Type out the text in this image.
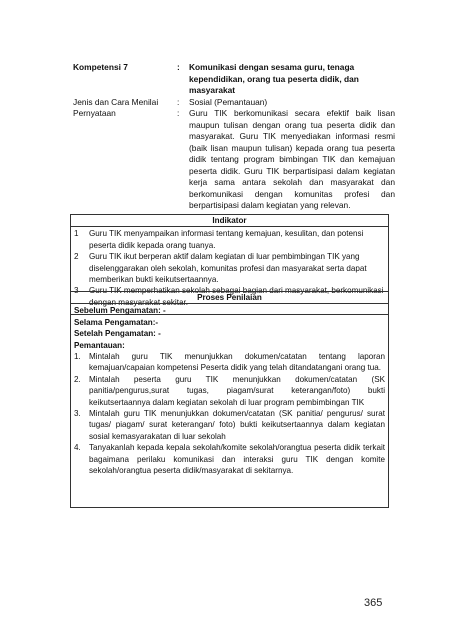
Kompetensi 7	:	Komunikasi dengan sesama guru, tenaga kependidikan, orang tua peserta didik, dan masyarakat
Jenis dan Cara Menilai	:	Sosial (Pemantauan)
Pernyataan	:	Guru TIK berkomunikasi secara efektif baik lisan maupun tulisan dengan orang tua peserta didik dan masyarakat. Guru TIK menyediakan informasi resmi (baik lisan maupun tulisan) kepada orang tua peserta didik tentang program bimbingan TIK dan kemajuan peserta didik. Guru TIK berpartisipasi dalam kegiatan kerja sama antara sekolah dan masyarakat dan berkomunikasi dengan komunitas profesi dan berpartisipasi dalam kegiatan yang relevan.
Indikator

1	Guru TIK menyampaikan informasi tentang kemajuan, kesulitan, dan potensi peserta didik kepada orang tuanya.
2	Guru TIK ikut berperan aktif dalam kegiatan di luar pembimbingan TIK yang diselenggarakan oleh sekolah, komunitas profesi dan masyarakat serta dapat memberikan bukti keikutsertaannya.
3	Guru TIK memperhatikan sekolah sebagai bagian dari masyarakat, berkomunikasi dengan masyarakat sekitar.
Proses Penilaian

Sebelum Pengamatan: -
Selama Pengamatan:-
Setelah Pengamatan: -
Pemantauan:
1.	Mintalah guru TIK menunjukkan dokumen/catatan tentang laporan kemajuan/capaian kompetensi Peserta didik yang telah ditandatangani orang tua.
2.	Mintalah peserta guru TIK menunjukkan dokumen/catatan (SK panitia/pengurus,surat tugas, piagam/surat keterangan/foto) bukti keikutsertaannya dalam kegiatan sekolah di luar program pembimbingan TIK
3.	Mintalah guru TIK menunjukkan dokumen/catatan (SK panitia/ pengurus/ surat tugas/ piagam/ surat keterangan/ foto) bukti keikutsertaannya dalam kegiatan sosial kemasyarakatan di luar sekolah
4.	Tanyakanlah kepada kepala sekolah/komite sekolah/orangtua peserta didik terkait bagaimana perilaku komunikasi dan interaksi guru TIK dengan komite sekolah/orangtua peserta didik/masyarakat di sekitarnya.
365
